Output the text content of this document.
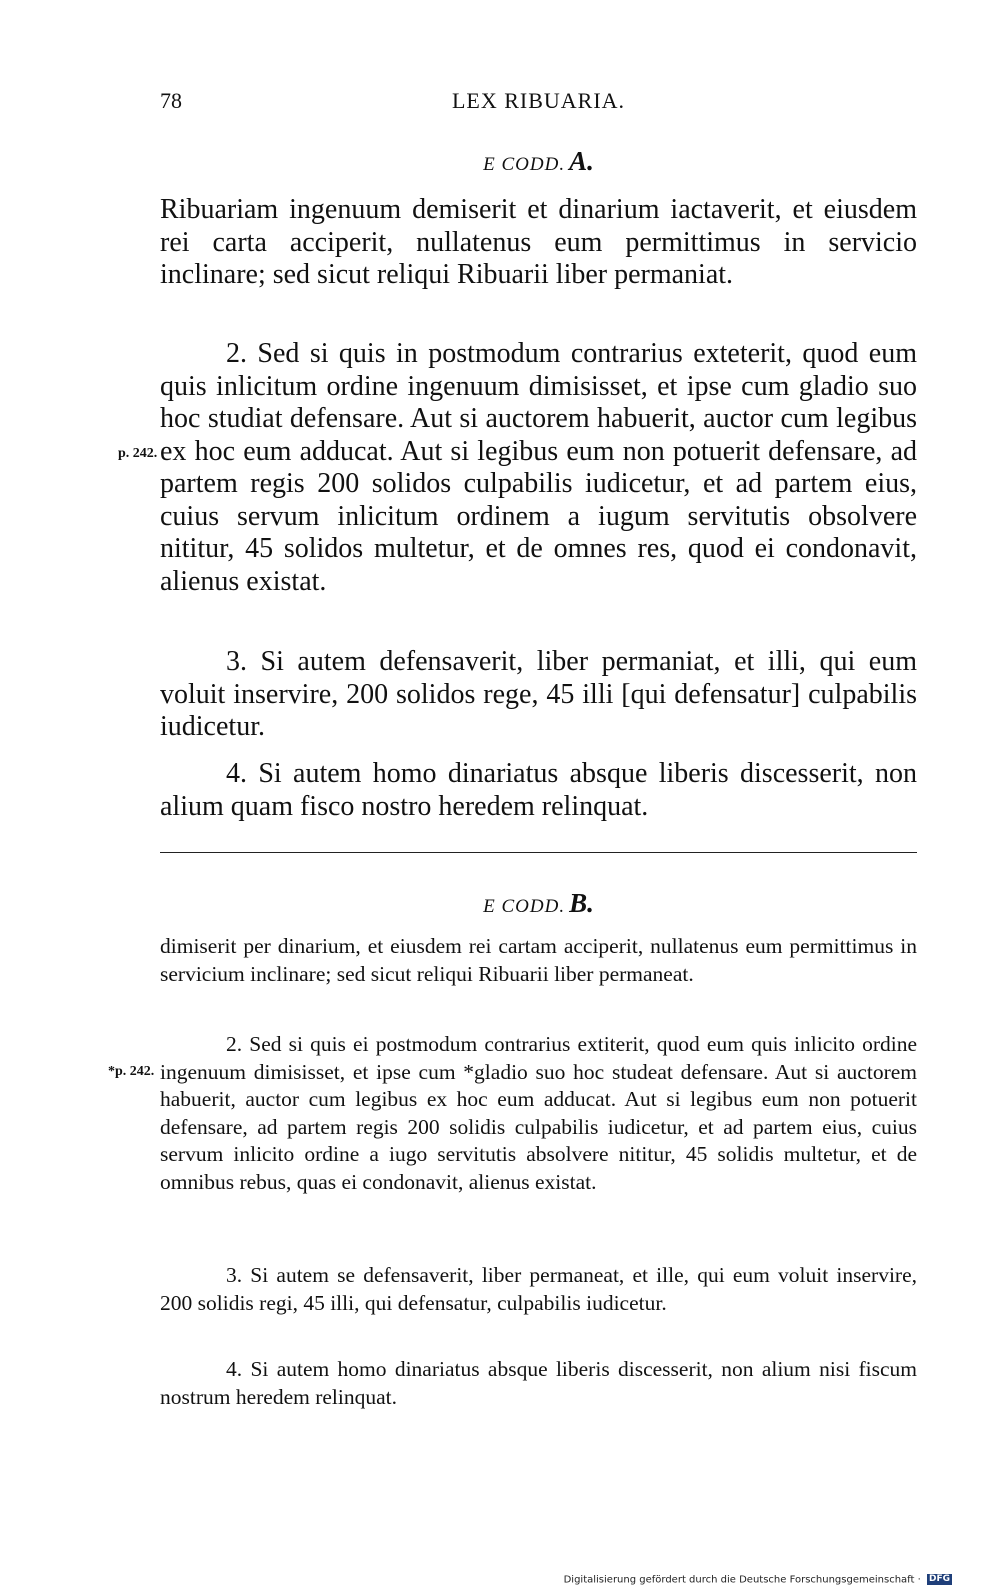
78	LEX RIBUARIA.
E CODD. A.

Ribuariam ingenuum demiserit et dinarium iactaverit, et eiusdem rei carta acciperit, nullatenus eum permittimus in servicio inclinare; sed sicut reliqui Ribuarii liber permaniat.

2. Sed si quis in postmodum contrarius exteterit, quod eum quis inlicitum ordine ingenuum dimisisset, et ipse cum gladio suo hoc studiat defensare. Aut si auctorem habuerit, auctor cum legibus ex hoc eum adducat. Aut si legibus eum non potuerit defensare, ad partem regis 200 solidos culpabilis iudicetur, et ad partem eius, cuius servum inlicitum ordinem a iugum servitutis obsolvere nititur, 45 solidos multetur, et de omnes res, quod ei condonavit, alienus existat.

3. Si autem defensaverit, liber permaniat, et illi, qui eum voluit inservire, 200 solidos rege, 45 illi [qui defensatur] culpabilis iudicetur.

4. Si autem homo dinariatus absque liberis discesserit, non alium quam fisco nostro heredem relinquat.

p. 242.
E CODD. B.

dimiserit per dinarium, et eiusdem rei cartam acciperit, nullatenus eum permittimus in servicium inclinare; sed sicut reliqui Ribuarii liber permaneat.

2. Sed si quis ei postmodum contrarius extiterit, quod eum quis inlicito ordine ingenuum dimisisset, et ipse cum *gladio suo hoc studeat defensare. Aut si auctorem habuerit, auctor cum legibus ex hoc eum adducat. Aut si legibus eum non potuerit defensare, ad partem regis 200 solidis culpabilis iudicetur, et ad partem eius, cuius servum inlicito ordine a iugo servitutis absolvere nititur, 45 solidis multetur, et de omnibus rebus, quas ei condonavit, alienus existat.

3. Si autem se defensaverit, liber permaneat, et ille, qui eum voluit inservire, 200 solidis regi, 45 illi, qui defensatur, culpabilis iudicetur.

4. Si autem homo dinariatus absque liberis discesserit, non alium nisi fiscum nostrum heredem relinquat.

*p. 242.
Digitalisierung gefördert durch die Deutsche Forschungsgemeinschaft · DFG
